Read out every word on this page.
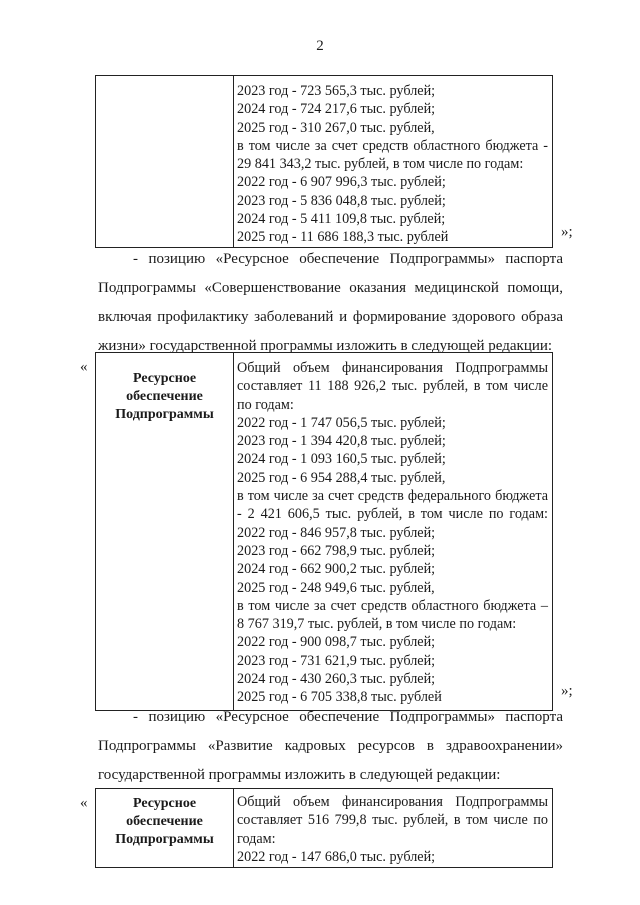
2

2023 год - 723 565,3 тыс. рублей;
2024 год - 724 217,6 тыс. рублей;
2025 год - 310 267,0 тыс. рублей,
в том числе за счет средств областного бюджета -
29 841 343,2 тыс. рублей, в том числе по годам:
2022 год - 6 907 996,3 тыс. рублей;
2023 год - 5 836 048,8 тыс. рублей;
2024 год - 5 411 109,8 тыс. рублей;
2025 год - 11 686 188,3 тыс. рублей	»;
- позицию «Ресурсное обеспечение Подпрограммы» паспорта
Подпрограммы «Совершенствование оказания медицинской помощи,
включая профилактику заболеваний и формирование здорового образа
жизни» государственной программы изложить в следующей редакции:
«
Ресурсное
обеспечение
Подпрограммы

Общий объем финансирования Подпрограммы
составляет 11 188 926,2 тыс. рублей, в том числе
по годам:
2022 год - 1 747 056,5 тыс. рублей;
2023 год - 1 394 420,8 тыс. рублей;
2024 год - 1 093 160,5 тыс. рублей;
2025 год - 6 954 288,4 тыс. рублей,
в том числе за счет средств федерального бюджета
- 2 421 606,5 тыс. рублей, в том числе по годам:
2022 год - 846 957,8 тыс. рублей;
2023 год - 662 798,9 тыс. рублей;
2024 год - 662 900,2 тыс. рублей;
2025 год - 248 949,6 тыс. рублей,
в том числе за счет средств областного бюджета –
8 767 319,7 тыс. рублей, в том числе по годам:
2022 год - 900 098,7 тыс. рублей;
2023 год - 731 621,9 тыс. рублей;
2024 год - 430 260,3 тыс. рублей;
2025 год - 6 705 338,8 тыс. рублей	»;
- позицию «Ресурсное обеспечение Подпрограммы» паспорта
Подпрограммы «Развитие кадровых ресурсов в здравоохранении»
государственной программы изложить в следующей редакции:
«	Ресурсное
обеспечение
Подпрограммы

Общий объем финансирования Подпрограммы
составляет 516 799,8 тыс. рублей, в том числе по
годам:
2022 год - 147 686,0 тыс. рублей;
